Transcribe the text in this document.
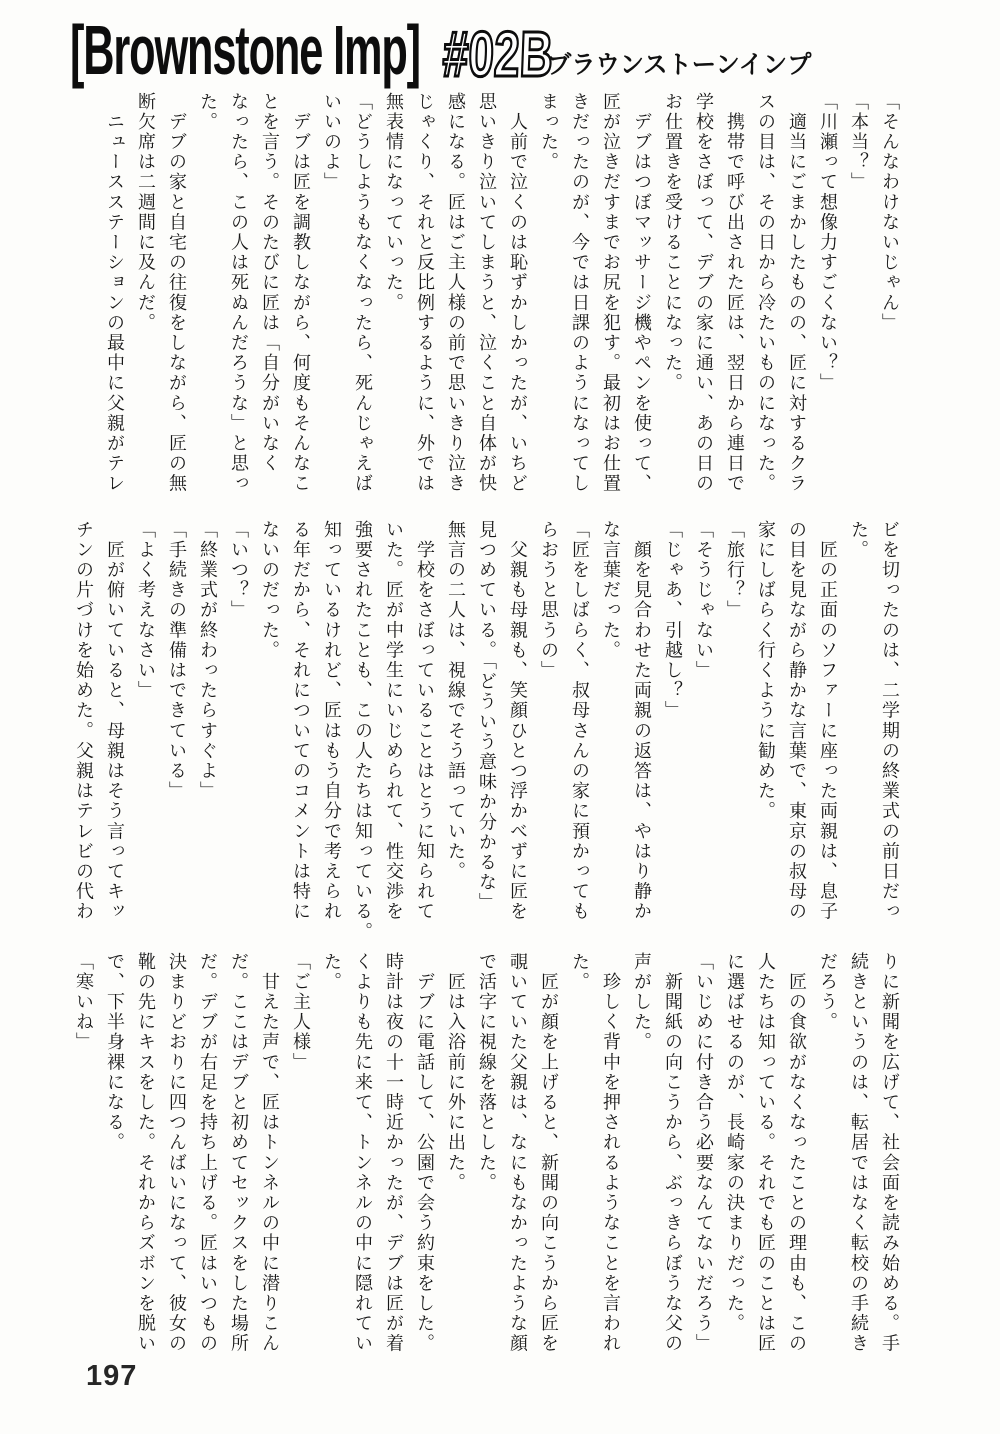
[Brownstone Imp] #02B
ブラウンストーンインプ
「そんなわけないじゃん」
「本当？」
「川瀬って想像力すごくない？」
　適当にごまかしたものの、匠に対するクラ
スの目は、その日から冷たいものになった。
　携帯で呼び出された匠は、翌日から連日で
学校をさぼって、デブの家に通い、あの日の
お仕置きを受けることになった。
　デブはつぼマッサージ機やペンを使って、
匠が泣きだすまでお尻を犯す。最初はお仕置
きだったのが、今では日課のようになってし
まった。
　人前で泣くのは恥ずかしかったが、いちど
思いきり泣いてしまうと、泣くこと自体が快
感になる。匠はご主人様の前で思いきり泣き
じゃくり、それと反比例するように、外では
無表情になっていった。
「どうしようもなくなったら、死んじゃえば
いいのよ」
　デブは匠を調教しながら、何度もそんなこ
とを言う。そのたびに匠は「自分がいなく
なったら、この人は死ぬんだろうな」と思っ
た。
　デブの家と自宅の往復をしながら、匠の無
断欠席は二週間に及んだ。
　ニュースステーションの最中に父親がテレ
ビを切ったのは、二学期の終業式の前日だっ
た。
　匠の正面のソファーに座った両親は、息子
の目を見ながら静かな言葉で、東京の叔母の
家にしばらく行くように勧めた。
「旅行？」
「そうじゃない」
「じゃあ、引越し？」
　顔を見合わせた両親の返答は、やはり静か
な言葉だった。
「匠をしばらく、叔母さんの家に預かっても
らおうと思うの」
　父親も母親も、笑顔ひとつ浮かべずに匠を
見つめている。「どういう意味か分かるな」
無言の二人は、視線でそう語っていた。
　学校をさぼっていることはとうに知られて
いた。匠が中学生にいじめられて、性交渉を
強要されたことも、この人たちは知っている。
知っているけれど、匠はもう自分で考えられ
る年だから、それについてのコメントは特に
ないのだった。
「いつ？」
「終業式が終わったらすぐよ」
「手続きの準備はできている」
「よく考えなさい」
　匠が俯いていると、母親はそう言ってキッ
チンの片づけを始めた。父親はテレビの代わ
りに新聞を広げて、社会面を読み始める。手
続きというのは、転居ではなく転校の手続き
だろう。
　匠の食欲がなくなったことの理由も、この
人たちは知っている。それでも匠のことは匠
に選ばせるのが、長崎家の決まりだった。
「いじめに付き合う必要なんてないだろう」
　新聞紙の向こうから、ぶっきらぼうな父の
声がした。
　珍しく背中を押されるようなことを言われ
た。
　匠が顔を上げると、新聞の向こうから匠を
覗いていた父親は、なにもなかったような顔
で活字に視線を落とした。
　匠は入浴前に外に出た。
　デブに電話して、公園で会う約束をした。
時計は夜の十一時近かったが、デブは匠が着
くよりも先に来て、トンネルの中に隠れてい
た。
「ご主人様」
　甘えた声で、匠はトンネルの中に潜りこん
だ。ここはデブと初めてセックスをした場所
だ。デブが右足を持ち上げる。匠はいつもの
決まりどおりに四つんばいになって、彼女の
靴の先にキスをした。それからズボンを脱い
で、下半身裸になる。
「寒いね」
197
